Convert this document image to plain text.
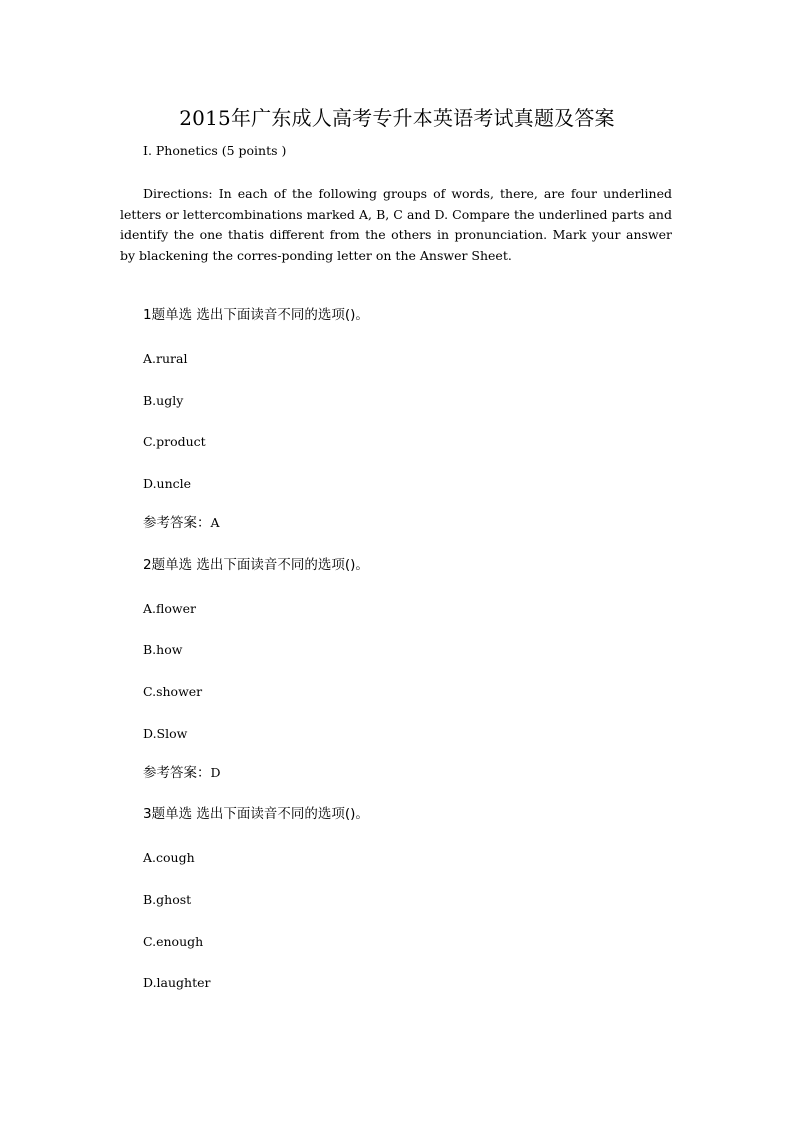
2015年广东成人高考专升本英语考试真题及答案
I. Phonetics (5 points )
Directions: In each of the following groups of words, there, are four underlined letters or lettercombinations marked A, B, C and D. Compare the underlined parts and identify the one thatis different from the others in pronunciation. Mark your answer by blackening the corres-ponding letter on the Answer Sheet.
1题单选 选出下面读音不同的选项()。
A.rural
B.ugly
C.product
D.uncle
参考答案：A
2题单选 选出下面读音不同的选项()。
A.flower
B.how
C.shower
D.Slow
参考答案：D
3题单选 选出下面读音不同的选项()。
A.cough
B.ghost
C.enough
D.laughter
